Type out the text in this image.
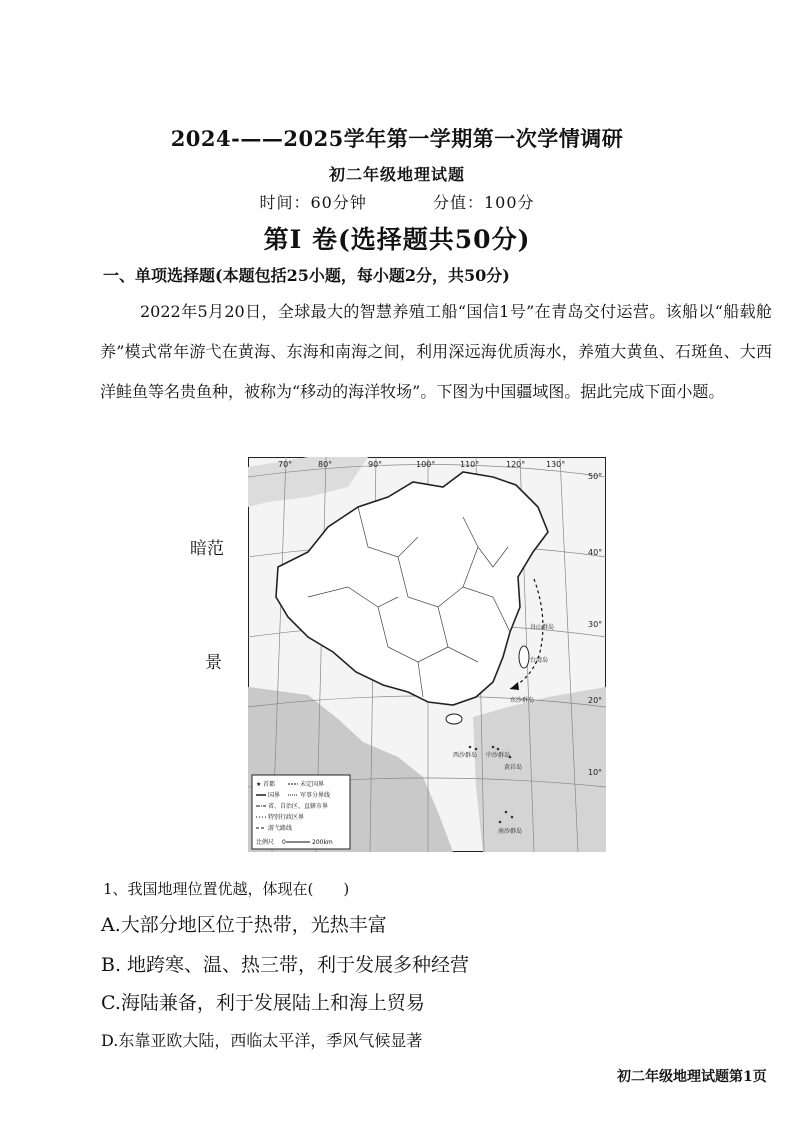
2024-——2025学年第一学期第一次学情调研
初二年级地理试题
时间：60分钟	分值：100分
第I 卷(选择题共50分)
一、单项选择题(本题包括25小题，每小题2分，共50分)
2022年5月20日，全球最大的智慧养殖工船“国信1号”在青岛交付运营。该船以“船载舱养”模式常年游弋在黄海、东海和南海之间，利用深远海优质海水，养殖大黄鱼、石斑鱼、大西洋鲑鱼等名贵鱼种，被称为“移动的海洋牧场”。下图为中国疆域图。据此完成下面小题。
暗范
景
70°	80°	90°	100°	110°	120°	130°
50°
40°
30°
20°
10°
舟山群岛
台湾岛
东沙群岛
西沙群岛 中沙群岛
黄岩岛
南沙群岛
★ 首都	未定国界
国界	军事分界线
省、自治区、直辖市界
特别行政区界
游弋路线
比例尺 0	200km
1、我国地理位置优越，体现在(　　)
A.大部分地区位于热带，光热丰富
B. 地跨寒、温、热三带，利于发展多种经营
C.海陆兼备，利于发展陆上和海上贸易
D.东靠亚欧大陆，西临太平洋，季风气候显著
初二年级地理试题第1页
